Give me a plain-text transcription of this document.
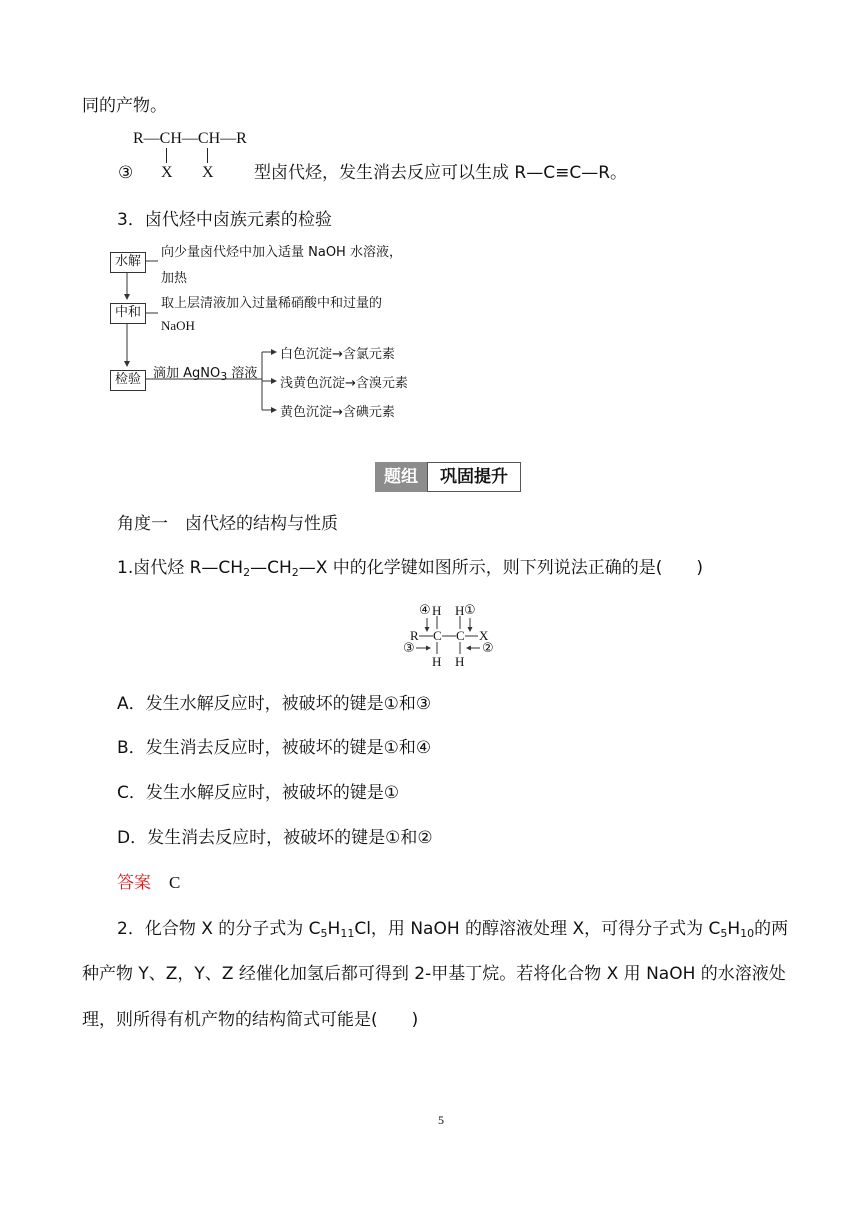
同的产物。
R—CH—CH—R
③ X X 型卤代烃，发生消去反应可以生成 R—C≡C—R。
3．卤代烃中卤族元素的检验
水解
向少量卤代烃中加入适量 NaOH 水溶液，
加热
中和
取上层清液加入过量稀硝酸中和过量的
NaOH
检验 滴加 AgNO$_3$ 溶液
白色沉淀→含氯元素
浅黄色沉淀→含溴元素
黄色沉淀→含碘元素
题组	巩固提升
角度一　卤代烃的结构与性质
1.卤代烃 $R—CH_2—CH_2—X$ 中的化学键如图所示，则下列说法正确的是(　　)
④ H H ①
R C C X
③	②
H H
A．发生水解反应时，被破坏的键是①和③
B．发生消去反应时，被破坏的键是①和④
C．发生水解反应时，被破坏的键是①
D．发生消去反应时，被破坏的键是①和②
答案 C
2．化合物 X 的分子式为 $C_5H_{11}Cl$，用 NaOH 的醇溶液处理 X，可得分子式为 $C_5H_{10}$的两
种产物 Y、Z，Y、Z 经催化加氢后都可得到 2-甲基丁烷。若将化合物 X 用 NaOH 的水溶液处
理，则所得有机产物的结构简式可能是(　　)
5
